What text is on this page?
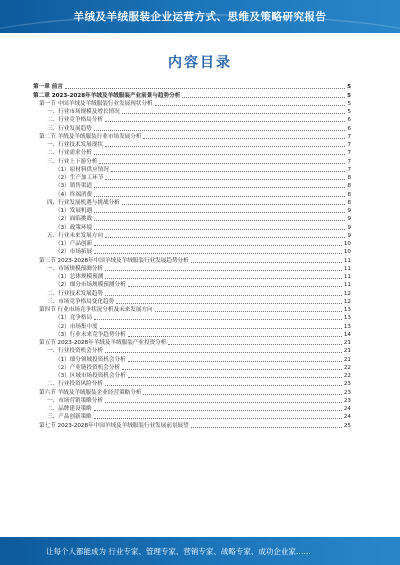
羊绒及羊绒服装企业运营方式、思维及策略研究报告
内容目录
第一章 前言	5
第二章 2023-2028年羊绒及羊绒服装产业前景与趋势分析	5
第一节 中国羊绒及羊绒服装行业发展现状分析	5
一、行业市场规模及增长情况	5
二、行业竞争格局分析	6
三、行业发展趋势	6
第二节 羊绒及羊绒服装行业市场发展分析	7
一、行业技术发展现状	7
二、行业需求分析	7
三、行业上下游分析	7
（1）原材料供应情况	7
（2）生产加工环节	8
（3）销售渠道	8
（4）终端消费	8
四、行业发展机遇与挑战分析	8
（1）发展机遇	9
（2）面临挑战	9
（3）政策环境	9
五、行业未来发展方向	9
（1）产品创新	10
（2）市场拓展	10
第三节 2023-2028年中国羊绒及羊绒服装行业发展趋势分析	11
一、市场规模预测分析	11
（1）总体规模预测	11
（2）细分市场规模预测分析	11
二、行业技术发展趋势	12
三、市场竞争格局变化趋势	12
第四节 行业市场竞争状况分析及未来发展方向	13
（1）竞争格局	13
（2）市场集中度	13
（3）行业未来竞争趋势分析	14
第五节 2023-2028年羊绒及羊绒服装产业投资分析	21
一、行业投资机会分析	21
（1）细分领域投资机会分析	21
（2）产业链投资机会分析	22
（3）区域市场投资机会分析	22
二、行业投资风险分析	23
第六节 羊绒及羊绒服装企业经营策略分析	23
一、市场营销策略分析	23
二、品牌建设策略	24
三、产品创新策略	24
第七节 2023-2028年中国羊绒及羊绒服装行业发展前景展望	25
让每个人都能成为 行业专家、管理专家、营销专家、战略专家、成功企业家……
